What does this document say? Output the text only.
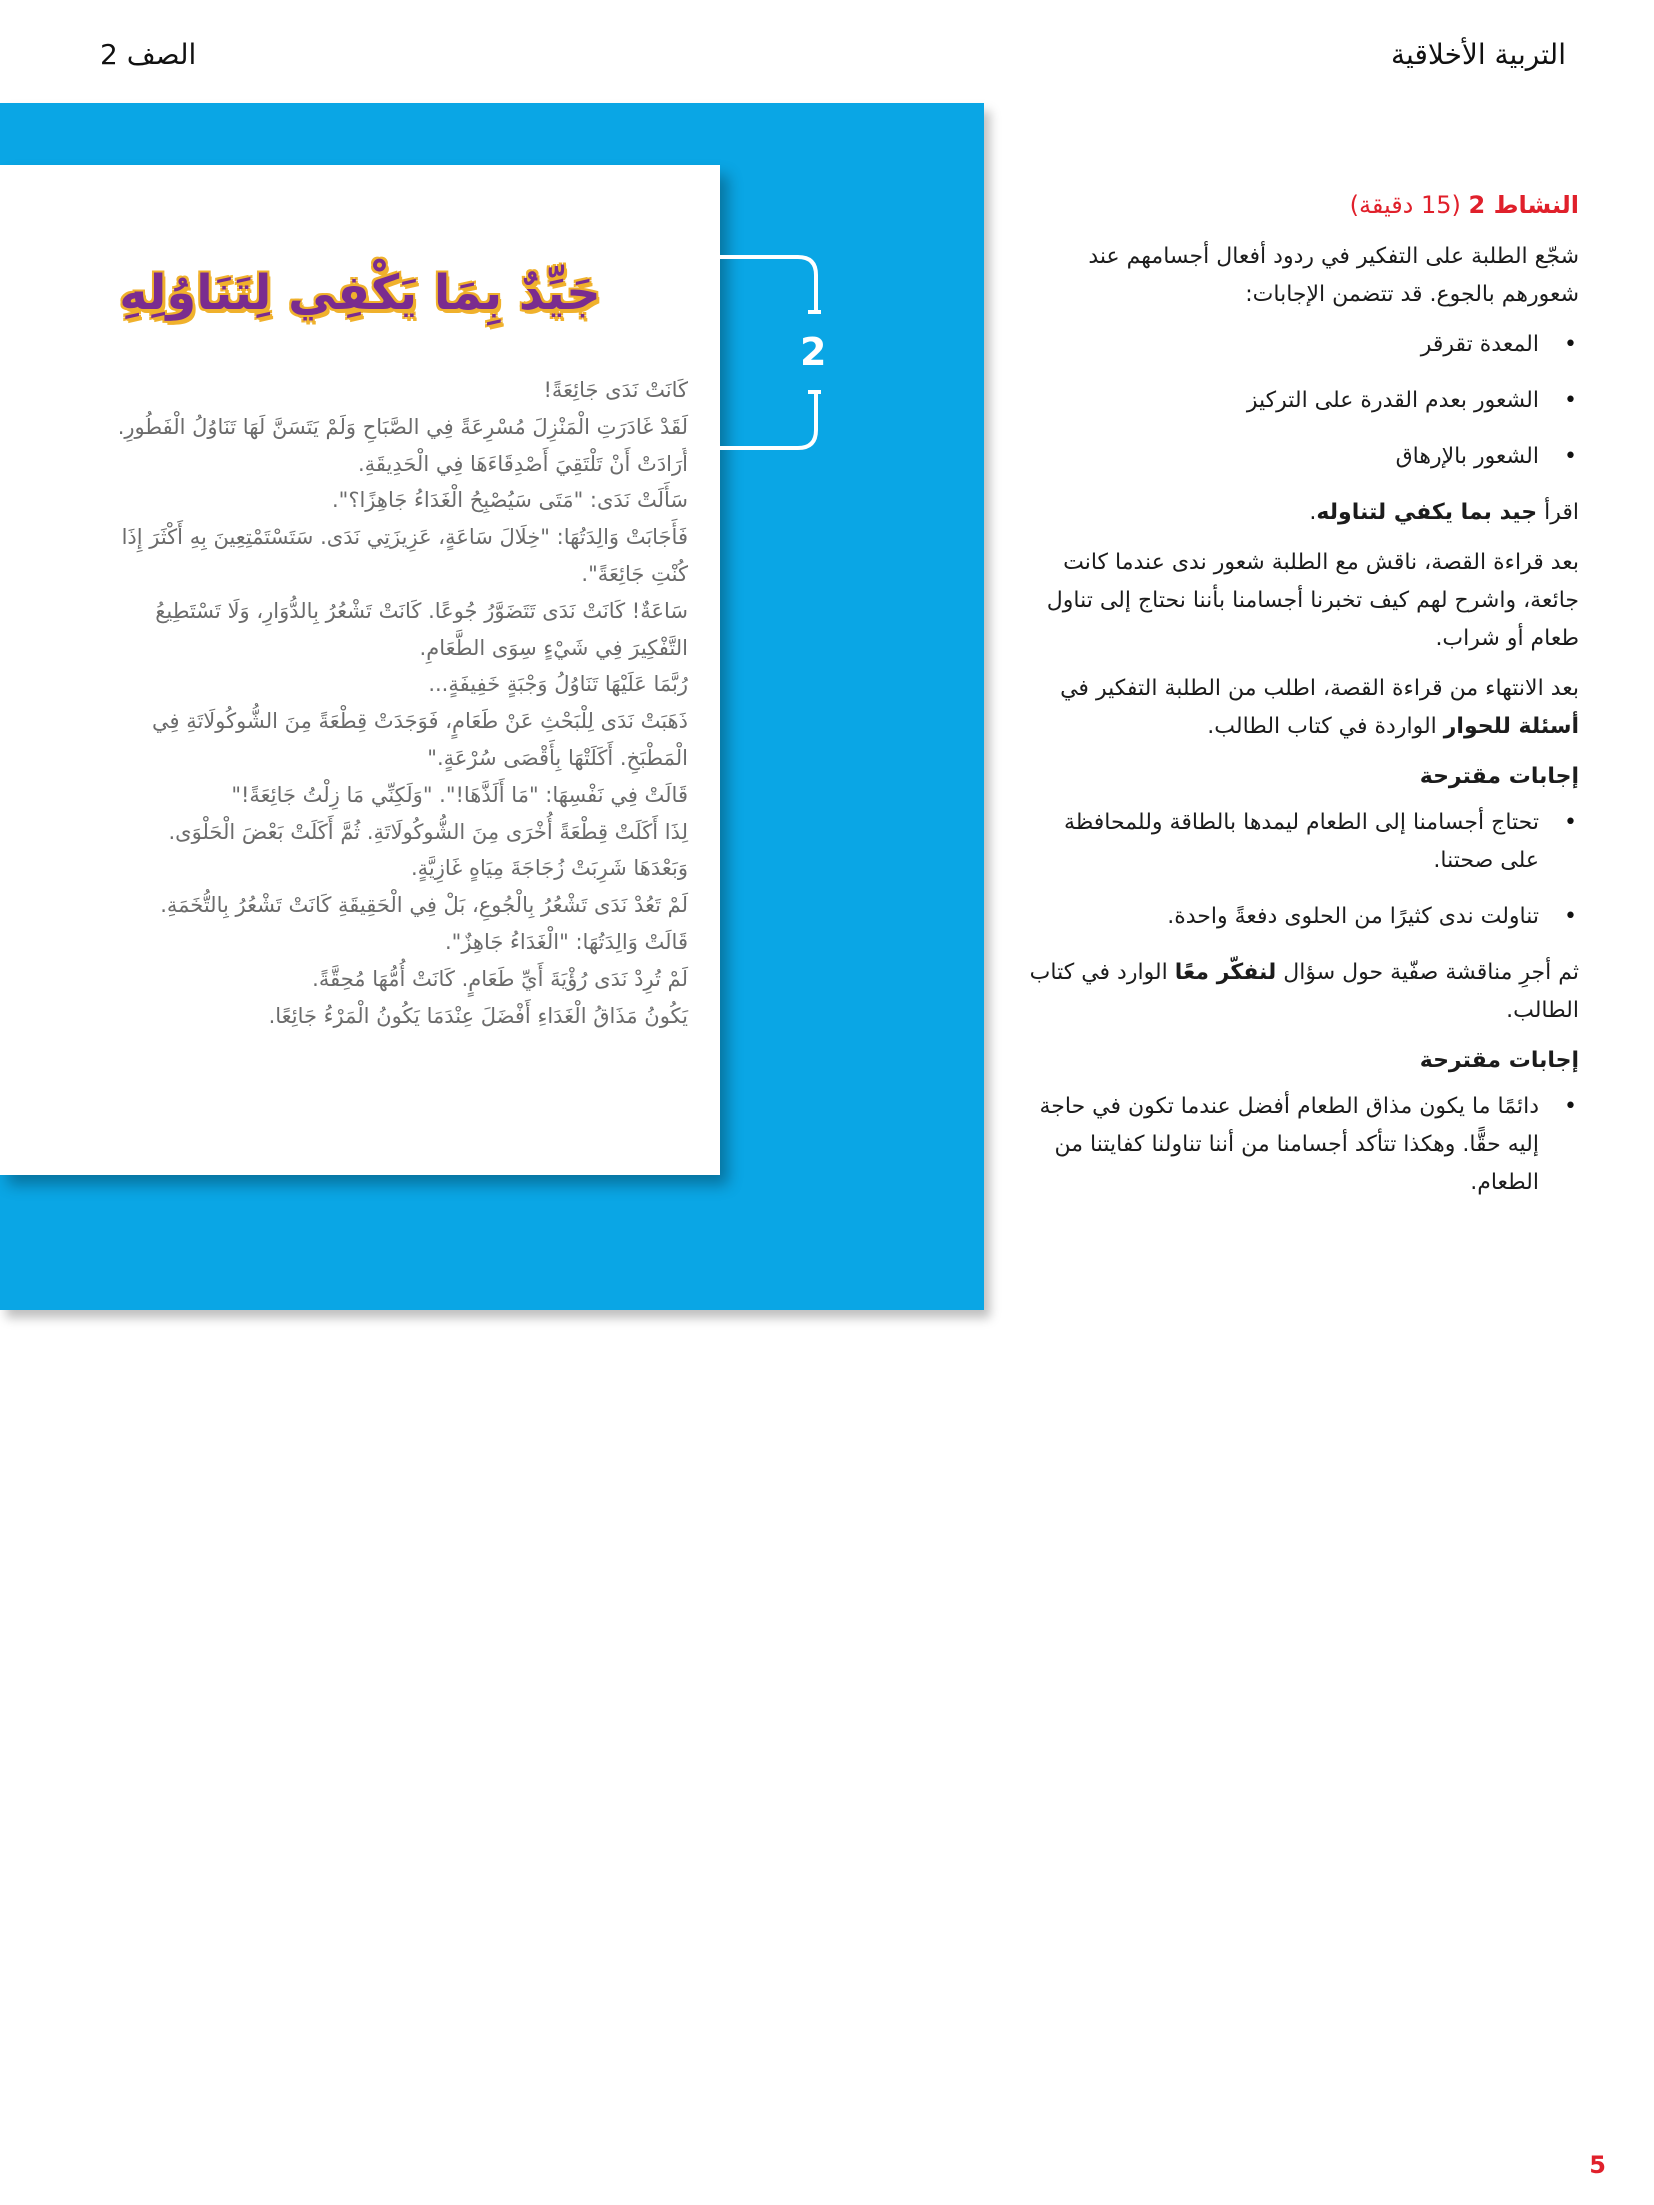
التربية الأخلاقية
الصف 2
جَيِّدٌ بِمَا يَكْفِي لِتَنَاوُلِهِ
كَانَتْ نَدَى جَائِعَةً!
لَقَدْ غَادَرَتِ الْمَنْزِلَ مُسْرِعَةً فِي الصَّبَاحِ وَلَمْ يَتَسَنَّ لَهَا تَنَاوُلُ الْفَطُورِ.
أَرَادَتْ أَنْ تَلْتَقِيَ أَصْدِقَاءَهَا فِي الْحَدِيقَةِ.
سَأَلَتْ نَدَى: "مَتَى سَيُصْبِحُ الْغَدَاءُ جَاهِزًا؟".
فَأَجَابَتْ وَالِدَتُهَا: "خِلَالَ سَاعَةٍ، عَزِيزَتِي نَدَى. سَتَسْتَمْتِعِينَ بِهِ أَكْثَرَ إِذَا
كُنْتِ جَائِعَةً".
سَاعَةٌ! كَانَتْ نَدَى تَتَضَوَّرُ جُوعًا. كَانَتْ تَشْعُرُ بِالدُّوَارِ، وَلَا تَسْتَطِيعُ
التَّفْكِيرَ فِي شَيْءٍ سِوَى الطَّعَامِ.
رُبَّمَا عَلَيْهَا تَنَاوُلُ وَجْبَةٍ خَفِيفَةٍ...
ذَهَبَتْ نَدَى لِلْبَحْثِ عَنْ طَعَامٍ، فَوَجَدَتْ قِطْعَةً مِنَ الشُّوكُولَاتَةِ فِي
الْمَطْبَخِ. أَكَلَتْهَا بِأَقْصَى سُرْعَةٍ."
قَالَتْ فِي نَفْسِهَا: "مَا أَلَذَّهَا!". "وَلَكِنِّي مَا زِلْتُ جَائِعَةً!"
لِذَا أَكَلَتْ قِطْعَةً أُخْرَى مِنَ الشُّوكُولَاتَةِ. ثُمَّ أَكَلَتْ بَعْضَ الْحَلْوَى.
وَبَعْدَهَا شَرِبَتْ زُجَاجَةَ مِيَاهٍ غَازِيَّةٍ.
لَمْ تَعُدْ نَدَى تَشْعُرُ بِالْجُوعِ، بَلْ فِي الْحَقِيقَةِ كَانَتْ تَشْعُرُ بِالتُّخَمَةِ.
قَالَتْ وَالِدَتُهَا: "الْغَدَاءُ جَاهِزٌ".
لَمْ تُرِدْ نَدَى رُؤْيَةَ أَيِّ طَعَامٍ. كَانَتْ أُمُّهَا مُحِقَّةً.
يَكُونُ مَذَاقُ الْغَدَاءِ أَفْضَلَ عِنْدَمَا يَكُونُ الْمَرْءُ جَائِعًا.
5
2
النشاط 2 (15 دقيقة)

شجّع الطلبة على التفكير في ردود أفعال أجسامهم عند شعورهم بالجوع. قد تتضمن الإجابات:

• المعدة تقرقر
• الشعور بعدم القدرة على التركيز
• الشعور بالإرهاق

اقرأ جيد بما يكفي لتناوله.

بعد قراءة القصة، ناقش مع الطلبة شعور ندى عندما كانت جائعة، واشرح لهم كيف تخبرنا أجسامنا بأننا نحتاج إلى تناول طعام أو شراب.

بعد الانتهاء من قراءة القصة، اطلب من الطلبة التفكير في أسئلة للحوار الواردة في كتاب الطالب.

إجابات مقترحة
• تحتاج أجسامنا إلى الطعام ليمدها بالطاقة وللمحافظة على صحتنا.
• تناولت ندى كثيرًا من الحلوى دفعةً واحدة.

ثم أجرِ مناقشة صفّية حول سؤال لنفكّر معًا الوارد في كتاب الطالب.

إجابات مقترحة
• دائمًا ما يكون مذاق الطعام أفضل عندما تكون في حاجة إليه حقًّا. وهكذا تتأكد أجسامنا من أننا تناولنا كفايتنا من الطعام.
5
